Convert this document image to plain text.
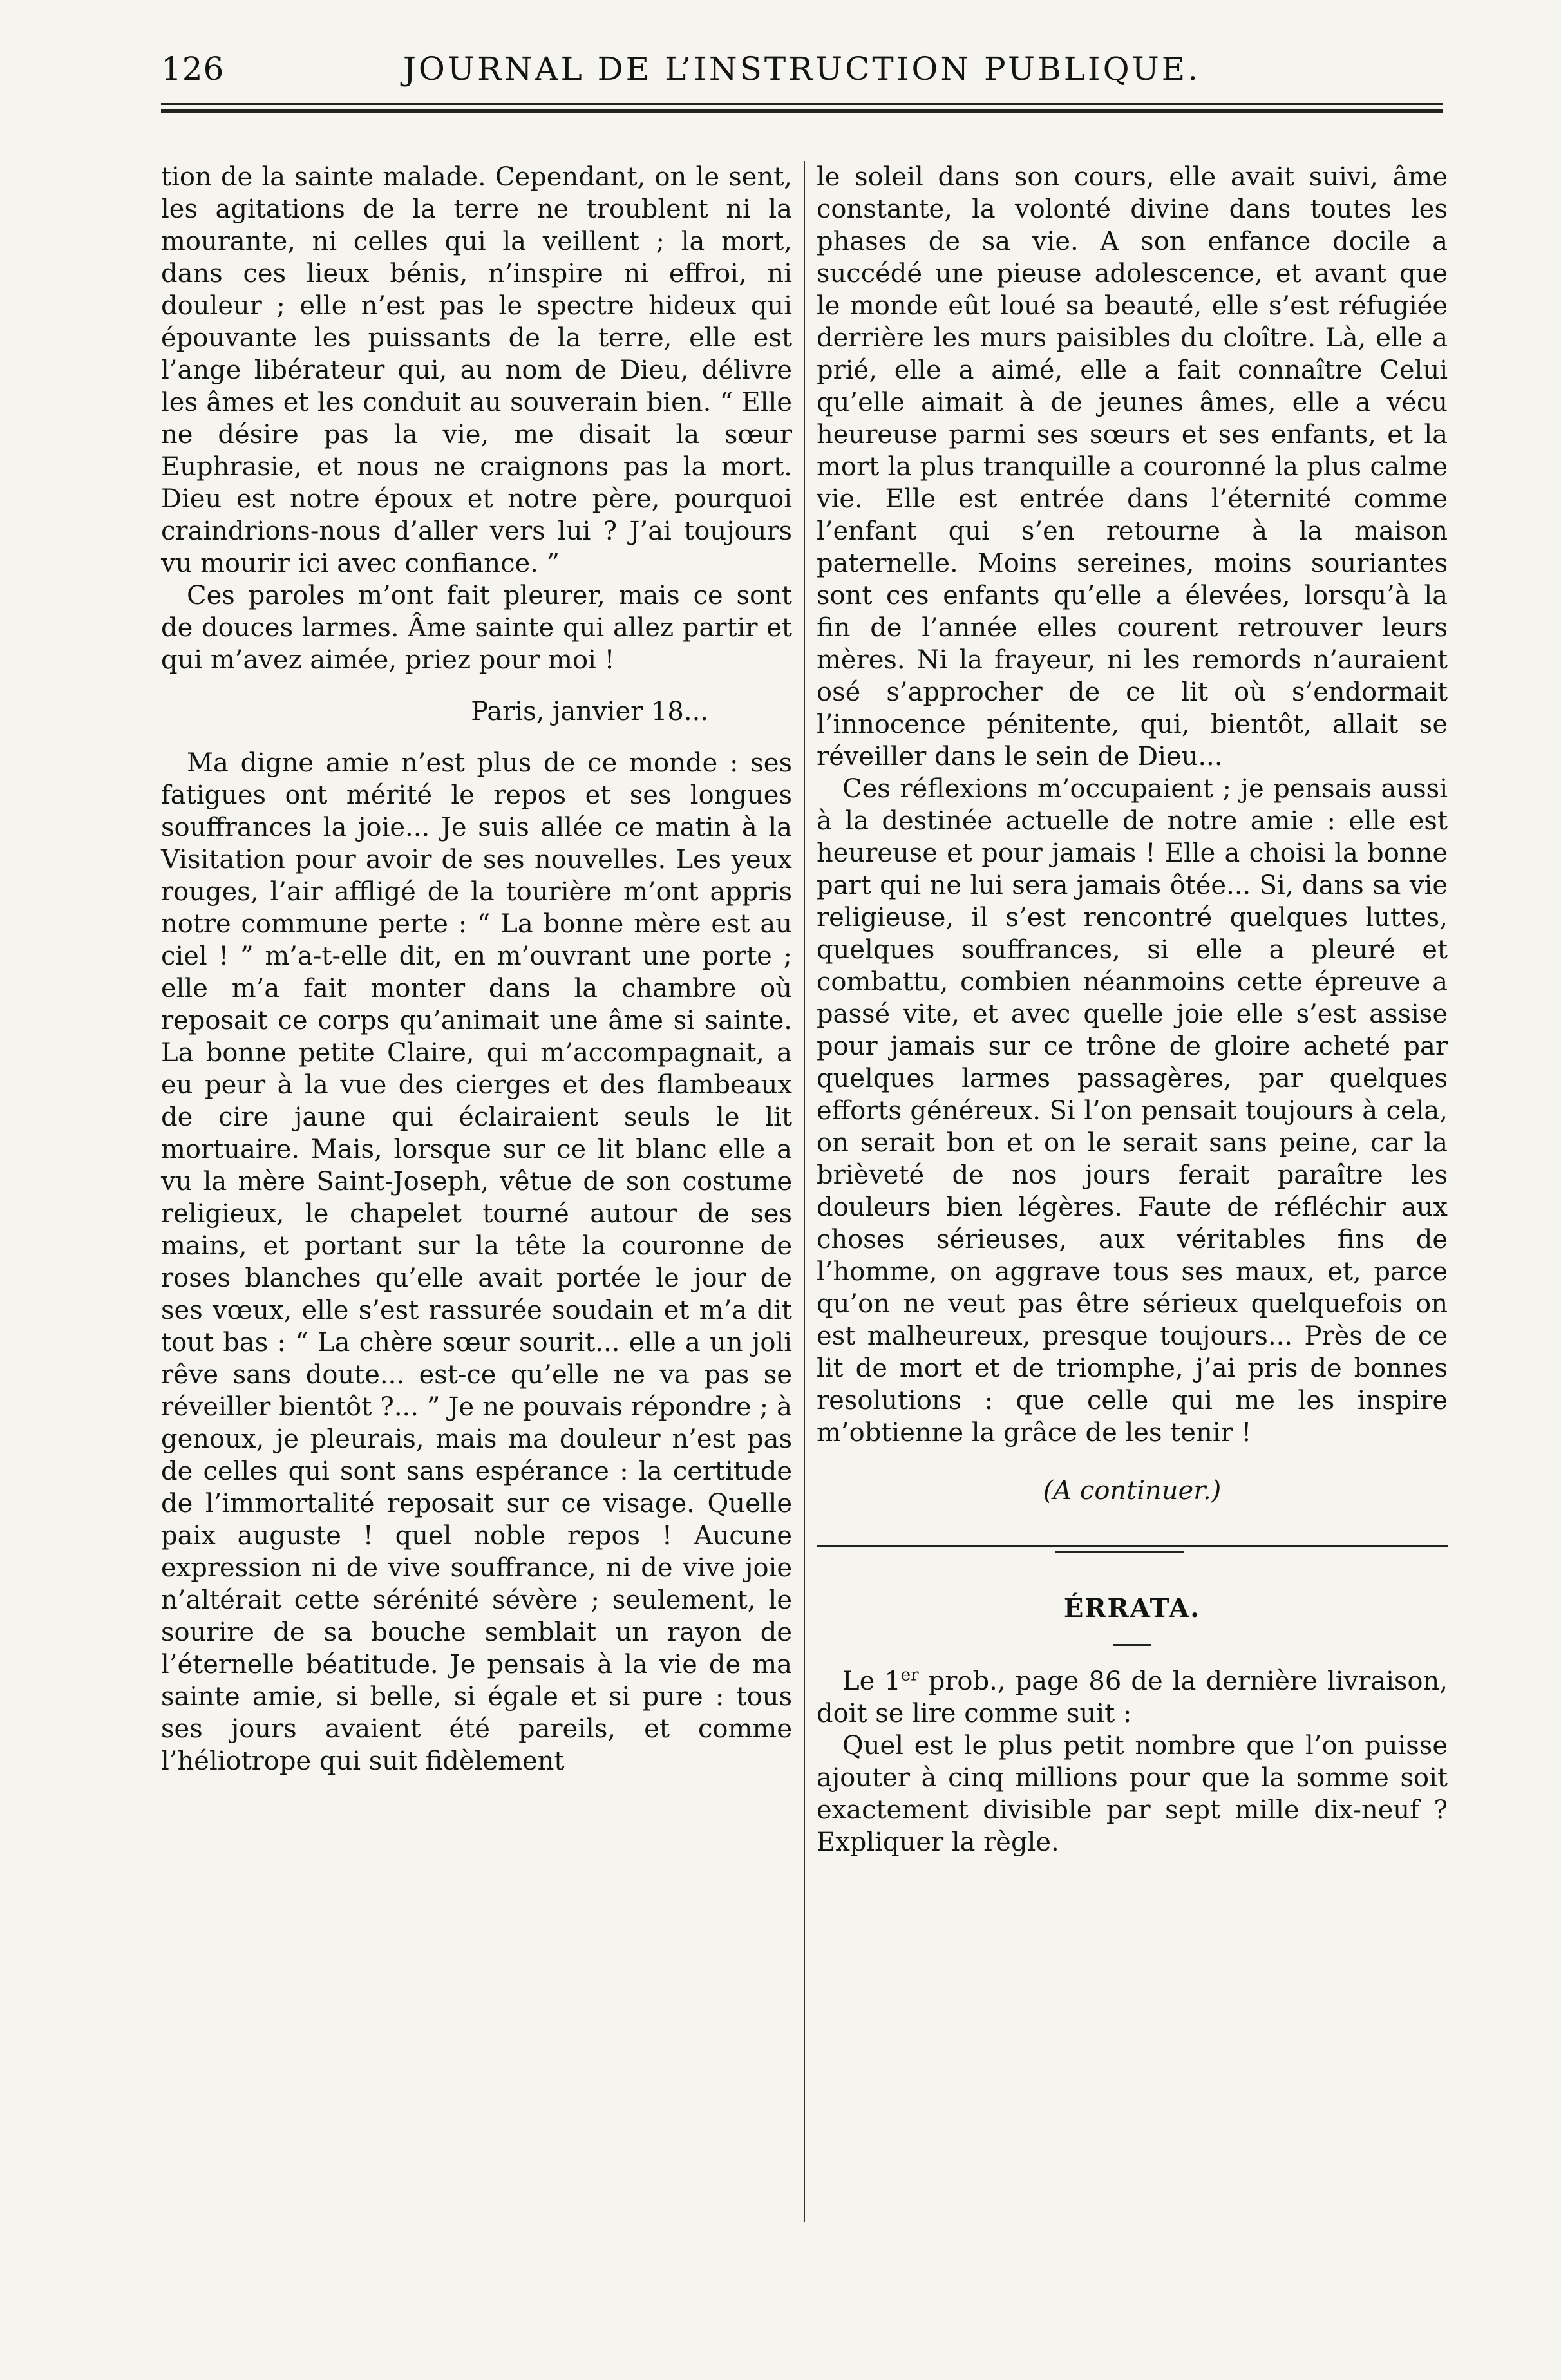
126	JOURNAL DE L’INSTRUCTION PUBLIQUE.

tion de la sainte malade. Cependant, on le sent, les agitations de la terre ne troublent ni la mourante, ni celles qui la veillent ; la mort, dans ces lieux bénis, n’inspire ni effroi, ni douleur ; elle n’est pas le spectre hideux qui épouvante les puissants de la terre, elle est l’ange libérateur qui, au nom de Dieu, délivre les âmes et les conduit au souverain bien. “ Elle ne désire pas la vie, me disait la sœur Euphrasie, et nous ne craignons pas la mort. Dieu est notre époux et notre père, pourquoi craindrions-nous d’aller vers lui ? J’ai toujours vu mourir ici avec confiance. ”

Ces paroles m’ont fait pleurer, mais ce sont de douces larmes. Âme sainte qui allez partir et qui m’avez aimée, priez pour moi !

Paris, janvier 18...

Ma digne amie n’est plus de ce monde : ses fatigues ont mérité le repos et ses longues souffrances la joie... Je suis allée ce matin à la Visitation pour avoir de ses nouvelles. Les yeux rouges, l’air affligé de la tourière m’ont appris notre commune perte : “ La bonne mère est au ciel ! ” m’a-t-elle dit, en m’ouvrant une porte ; elle m’a fait monter dans la chambre où reposait ce corps qu’animait une âme si sainte. La bonne petite Claire, qui m’accompagnait, a eu peur à la vue des cierges et des flambeaux de cire jaune qui éclairaient seuls le lit mortuaire. Mais, lorsque sur ce lit blanc elle a vu la mère Saint-Joseph, vêtue de son costume religieux, le chapelet tourné autour de ses mains, et portant sur la tête la couronne de roses blanches qu’elle avait portée le jour de ses vœux, elle s’est rassurée soudain et m’a dit tout bas : “ La chère sœur sourit... elle a un joli rêve sans doute... est-ce qu’elle ne va pas se réveiller bientôt ?... ” Je ne pouvais répondre ; à genoux, je pleurais, mais ma douleur n’est pas de celles qui sont sans espérance : la certitude de l’immortalité reposait sur ce visage. Quelle paix auguste ! quel noble repos ! Aucune expression ni de vive souffrance, ni de vive joie n’altérait cette sérénité sévère ; seulement, le sourire de sa bouche semblait un rayon de l’éternelle béatitude. Je pensais à la vie de ma sainte amie, si belle, si égale et si pure : tous ses jours avaient été pareils, et comme l’héliotrope qui suit fidèlement

le soleil dans son cours, elle avait suivi, âme constante, la volonté divine dans toutes les phases de sa vie. A son enfance docile a succédé une pieuse adolescence, et avant que le monde eût loué sa beauté, elle s’est réfugiée derrière les murs paisibles du cloître. Là, elle a prié, elle a aimé, elle a fait connaître Celui qu’elle aimait à de jeunes âmes, elle a vécu heureuse parmi ses sœurs et ses enfants, et la mort la plus tranquille a couronné la plus calme vie. Elle est entrée dans l’éternité comme l’enfant qui s’en retourne à la maison paternelle. Moins sereines, moins souriantes sont ces enfants qu’elle a élevées, lorsqu’à la fin de l’année elles courent retrouver leurs mères. Ni la frayeur, ni les remords n’auraient osé s’approcher de ce lit où s’endormait l’innocence pénitente, qui, bientôt, allait se réveiller dans le sein de Dieu...

Ces réflexions m’occupaient ; je pensais aussi à la destinée actuelle de notre amie : elle est heureuse et pour jamais ! Elle a choisi la bonne part qui ne lui sera jamais ôtée... Si, dans sa vie religieuse, il s’est rencontré quelques luttes, quelques souffrances, si elle a pleuré et combattu, combien néanmoins cette épreuve a passé vite, et avec quelle joie elle s’est assise pour jamais sur ce trône de gloire acheté par quelques larmes passagères, par quelques efforts généreux. Si l’on pensait toujours à cela, on serait bon et on le serait sans peine, car la brièveté de nos jours ferait paraître les douleurs bien légères. Faute de réfléchir aux choses sérieuses, aux véritables fins de l’homme, on aggrave tous ses maux, et, parce qu’on ne veut pas être sérieux quelquefois on est malheureux, presque toujours... Près de ce lit de mort et de triomphe, j’ai pris de bonnes resolutions : que celle qui me les inspire m’obtienne la grâce de les tenir !

(A continuer.)

ÉRRATA.

Le 1er prob., page 86 de la dernière livraison, doit se lire comme suit :

Quel est le plus petit nombre que l’on puisse ajouter à cinq millions pour que la somme soit exactement divisible par sept mille dix-neuf ? Expliquer la règle.
